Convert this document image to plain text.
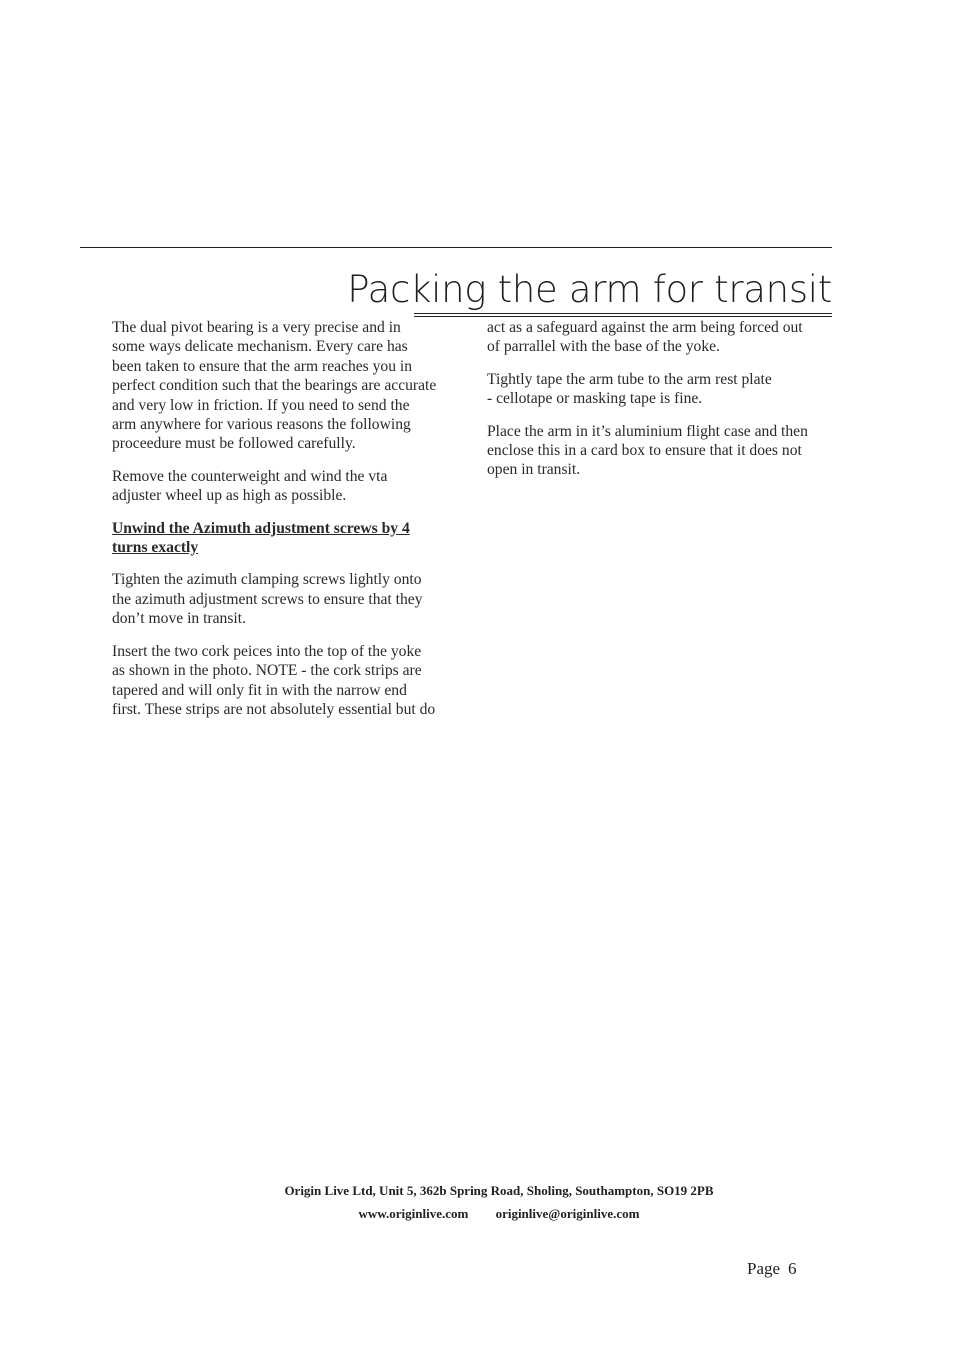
Packing the arm for transit

The dual pivot bearing is a very precise and in
some ways delicate mechanism. Every care has
been taken to ensure that the arm reaches you in
perfect condition such that the bearings are accurate
and very low in friction. If you need to send the
arm anywhere for various reasons the following
proceedure must be followed carefully.

Remove the counterweight and wind the vta
adjuster wheel up as high as possible.

Unwind the Azimuth adjustment screws by 4
turns exactly

Tighten the azimuth clamping screws lightly onto
the azimuth adjustment screws to ensure that they
don’t move in transit.

Insert the two cork peices into the top of the yoke
as shown in the photo. NOTE - the cork strips are
tapered and will only fit in with the narrow end
first. These strips are not absolutely essential but do

act as a safeguard against the arm being forced out
of parrallel with the base of the yoke.

Tightly tape the arm tube to the arm rest plate
- cellotape or masking tape is fine.

Place the arm in it’s aluminium flight case and then
enclose this in a card box to ensure that it does not
open in transit.

Origin Live Ltd, Unit 5, 362b Spring Road, Sholing, Southampton, SO19 2PB
www.originlive.com originlive@originlive.com
Page 6
